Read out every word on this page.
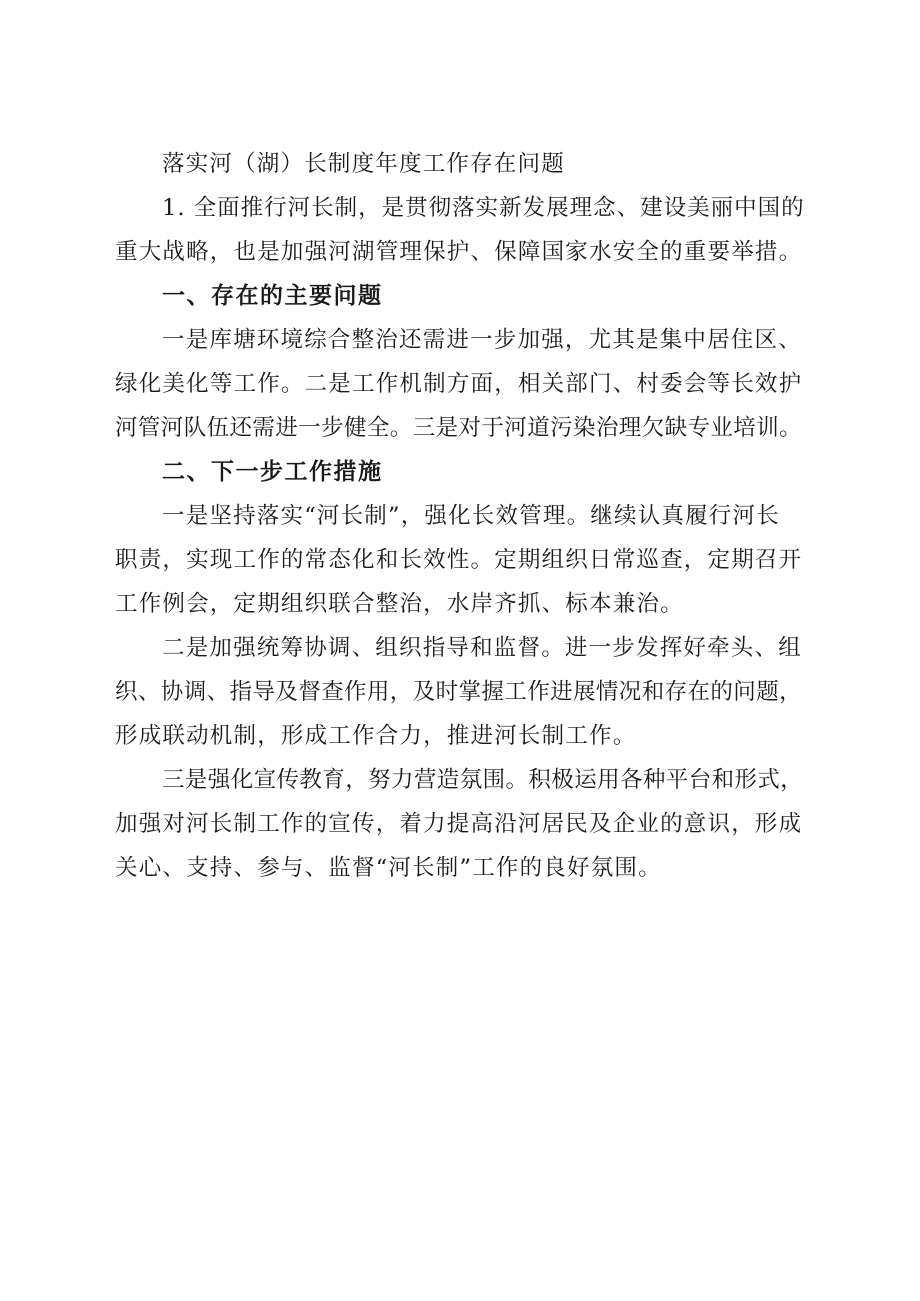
落实河（湖）长制度年度工作存在问题
1. 全面推行河长制，是贯彻落实新发展理念、建设美丽中国的
重大战略，也是加强河湖管理保护、保障国家水安全的重要举措。
一、存在的主要问题
一是库塘环境综合整治还需进一步加强，尤其是集中居住区、
绿化美化等工作。二是工作机制方面，相关部门、村委会等长效护
河管河队伍还需进一步健全。三是对于河道污染治理欠缺专业培训。
二、下一步工作措施
一是坚持落实“河长制”，强化长效管理。继续认真履行河长
职责，实现工作的常态化和长效性。定期组织日常巡查，定期召开
工作例会，定期组织联合整治，水岸齐抓、标本兼治。
二是加强统筹协调、组织指导和监督。进一步发挥好牵头、组
织、协调、指导及督查作用，及时掌握工作进展情况和存在的问题，
形成联动机制，形成工作合力，推进河长制工作。
三是强化宣传教育，努力营造氛围。积极运用各种平台和形式，
加强对河长制工作的宣传，着力提高沿河居民及企业的意识，形成
关心、支持、参与、监督“河长制”工作的良好氛围。
